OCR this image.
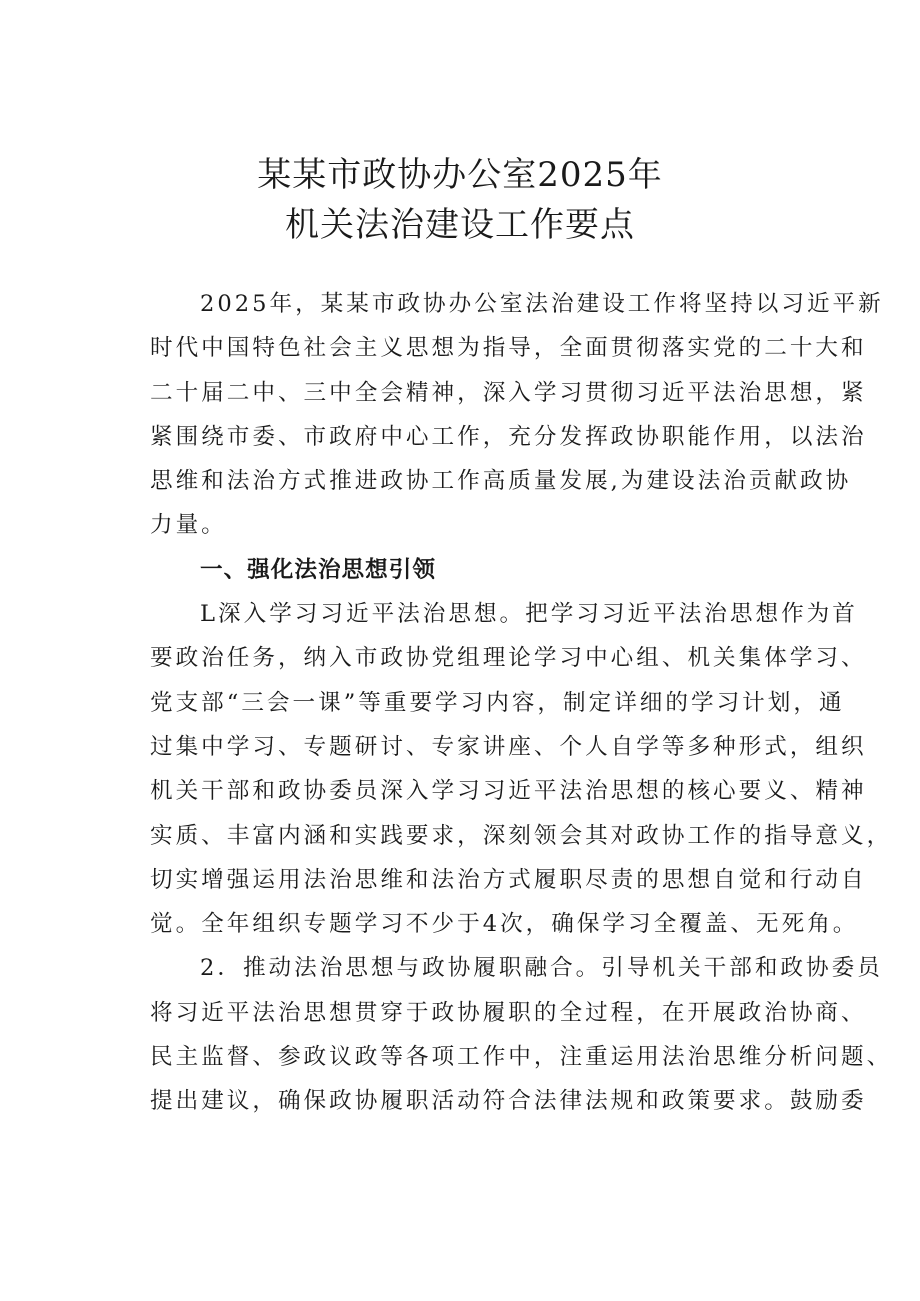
某某市政协办公室2025年
机关法治建设工作要点
2025年，某某市政协办公室法治建设工作将坚持以习近平新
时代中国特色社会主义思想为指导，全面贯彻落实党的二十大和
二十届二中、三中全会精神，深入学习贯彻习近平法治思想，紧
紧围绕市委、市政府中心工作，充分发挥政协职能作用，以法治
思维和法治方式推进政协工作高质量发展,为建设法治贡献政协
力量。
一、强化法治思想引领
L深入学习习近平法治思想。把学习习近平法治思想作为首
要政治任务，纳入市政协党组理论学习中心组、机关集体学习、
党支部“三会一课”等重要学习内容，制定详细的学习计划，通
过集中学习、专题研讨、专家讲座、个人自学等多种形式，组织
机关干部和政协委员深入学习习近平法治思想的核心要义、精神
实质、丰富内涵和实践要求，深刻领会其对政协工作的指导意义，
切实增强运用法治思维和法治方式履职尽责的思想自觉和行动自
觉。全年组织专题学习不少于4次，确保学习全覆盖、无死角。
2．推动法治思想与政协履职融合。引导机关干部和政协委员
将习近平法治思想贯穿于政协履职的全过程，在开展政治协商、
民主监督、参政议政等各项工作中，注重运用法治思维分析问题、
提出建议，确保政协履职活动符合法律法规和政策要求。鼓励委
